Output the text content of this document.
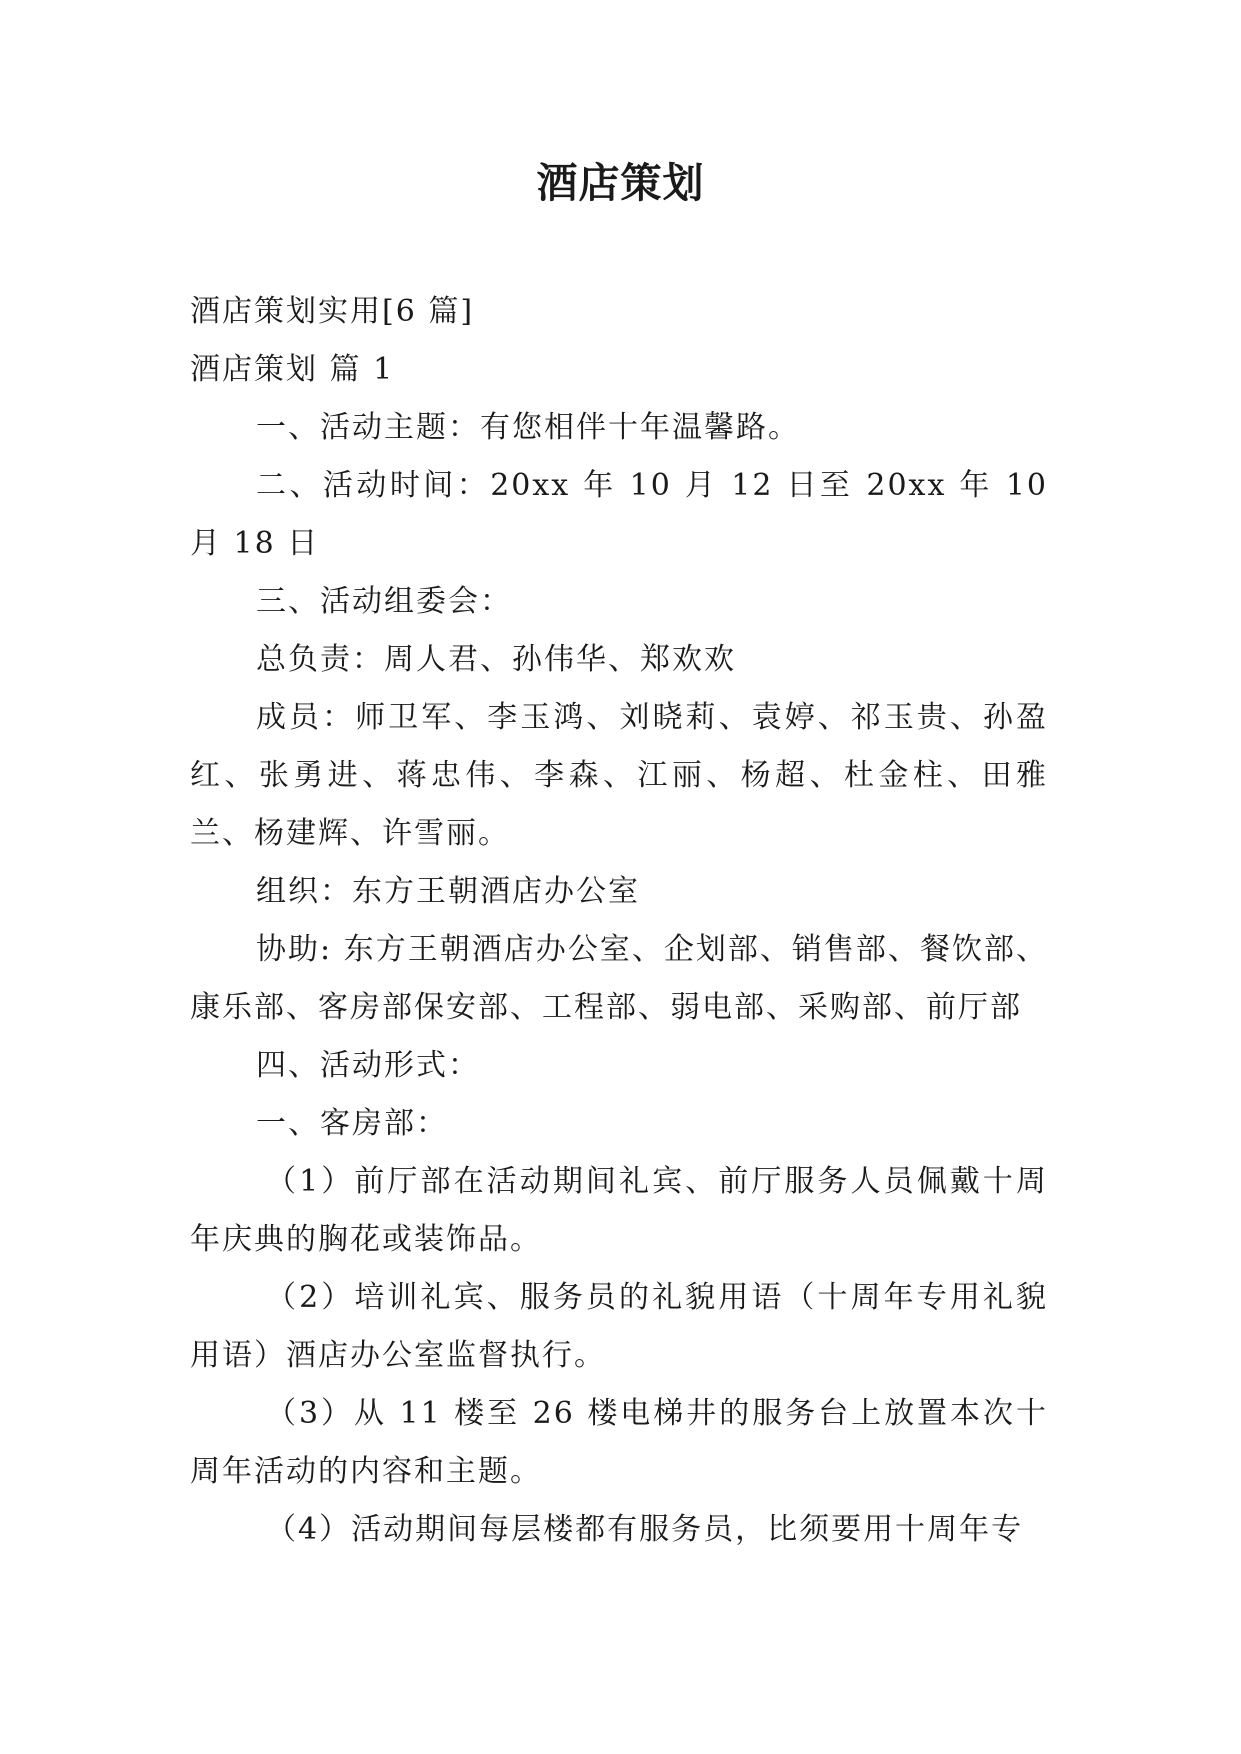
酒店策划

酒店策划实用[6 篇]

酒店策划 篇 1

一、活动主题：有您相伴十年温馨路。

二、活动时间：20xx 年 10 月 12 日至 20xx 年 10 月 18 日

三、活动组委会：

总负责：周人君、孙伟华、郑欢欢

成员：师卫军、李玉鸿、刘晓莉、袁婷、祁玉贵、孙盈红、张勇进、蒋忠伟、李森、江丽、杨超、杜金柱、田雅兰、杨建辉、许雪丽。

组织：东方王朝酒店办公室

协助: 东方王朝酒店办公室、企划部、销售部、餐饮部、康乐部、客房部保安部、工程部、弱电部、采购部、前厅部

四、活动形式：

一、客房部：

（1）前厅部在活动期间礼宾、前厅服务人员佩戴十周年庆典的胸花或装饰品。

（2）培训礼宾、服务员的礼貌用语（十周年专用礼貌用语）酒店办公室监督执行。

（3）从 11 楼至 26 楼电梯井的服务台上放置本次十周年活动的内容和主题。

（4）活动期间每层楼都有服务员，比须要用十周年专
